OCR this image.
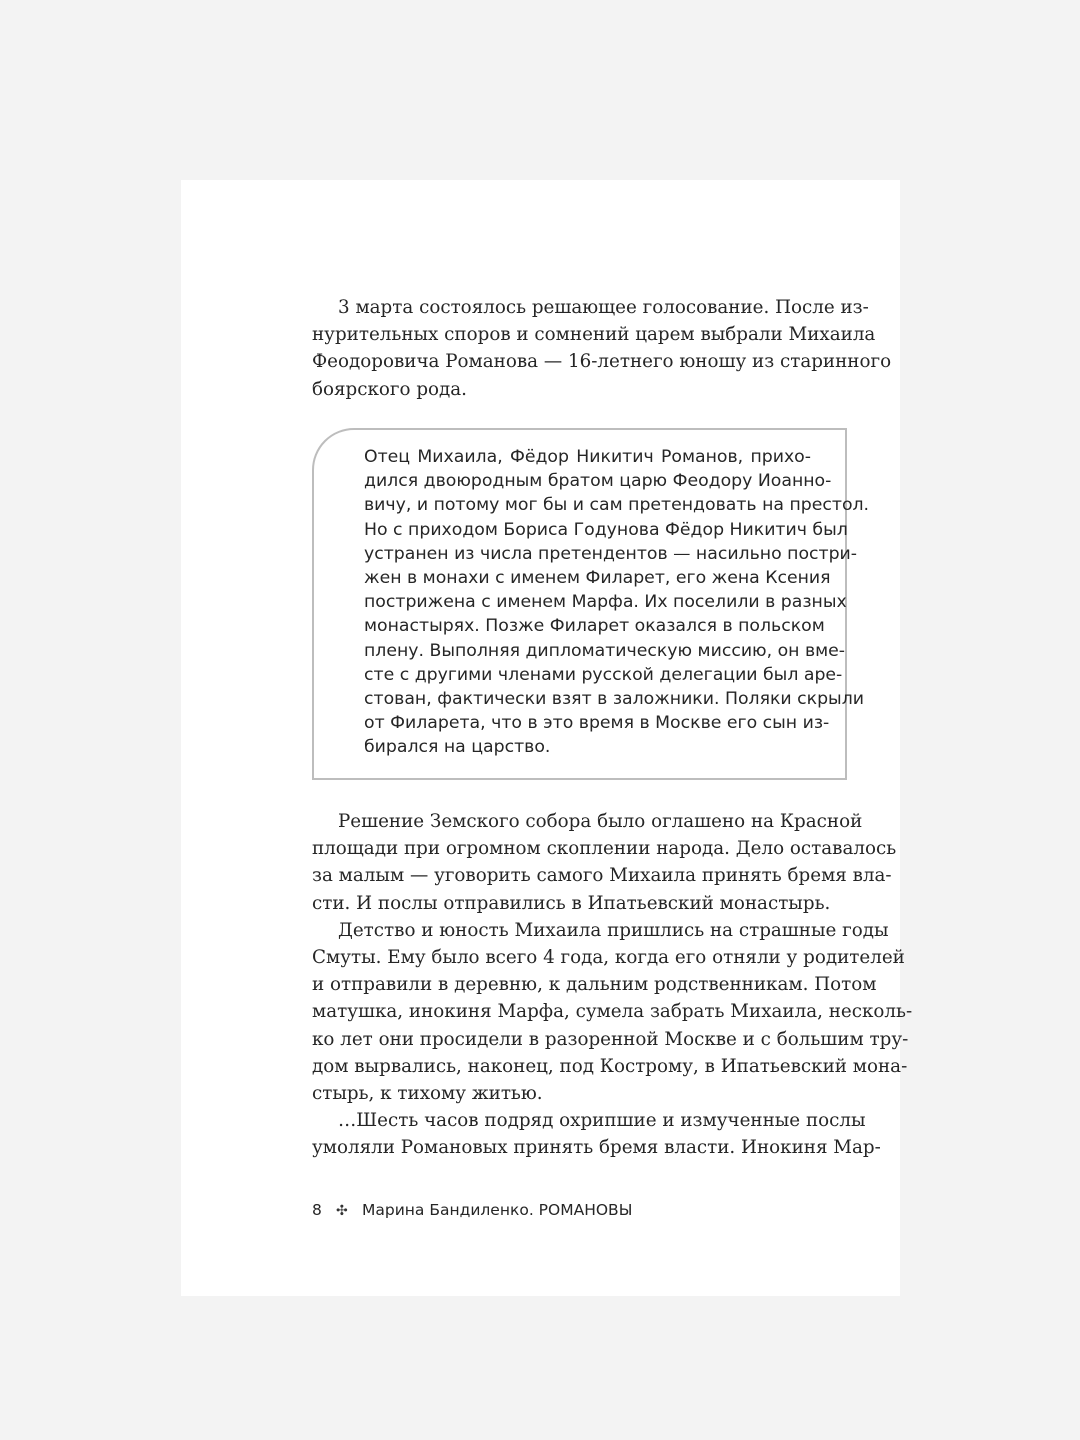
3 марта состоялось решающее голосование. После из-
нурительных споров и сомнений царем выбрали Михаила
Феодоровича Романова — 16-летнего юношу из старинного
боярского рода.

Отец Михаила, Фёдор Никитич Романов, прихо-
дился двоюродным братом царю Феодору Иоанно-
вичу, и потому мог бы и сам претендовать на престол.
Но с приходом Бориса Годунова Фёдор Никитич был
устранен из числа претендентов — насильно постри-
жен в монахи с именем Филарет, его жена Ксения
пострижена с именем Марфа. Их поселили в разных
монастырях. Позже Филарет оказался в польском
плену. Выполняя дипломатическую миссию, он вме-
сте с другими членами русской делегации был аре-
стован, фактически взят в заложники. Поляки скрыли
от Филарета, что в это время в Москве его сын из-
бирался на царство.

Решение Земского собора было оглашено на Красной
площади при огромном скоплении народа. Дело оставалось
за малым — уговорить самого Михаила принять бремя вла-
сти. И послы отправились в Ипатьевский монастырь.

Детство и юность Михаила пришлись на страшные годы
Смуты. Ему было всего 4 года, когда его отняли у родителей
и отправили в деревню, к дальним родственникам. Потом
матушка, инокиня Марфа, сумела забрать Михаила, несколь-
ко лет они просидели в разоренной Москве и с большим тру-
дом вырвались, наконец, под Кострому, в Ипатьевский мона-
стырь, к тихому житью.

…Шесть часов подряд охрипшие и измученные послы
умоляли Романовых принять бремя власти. Инокиня Мар-

8 ✣ Марина Бандиленко. РОМАНОВЫ
